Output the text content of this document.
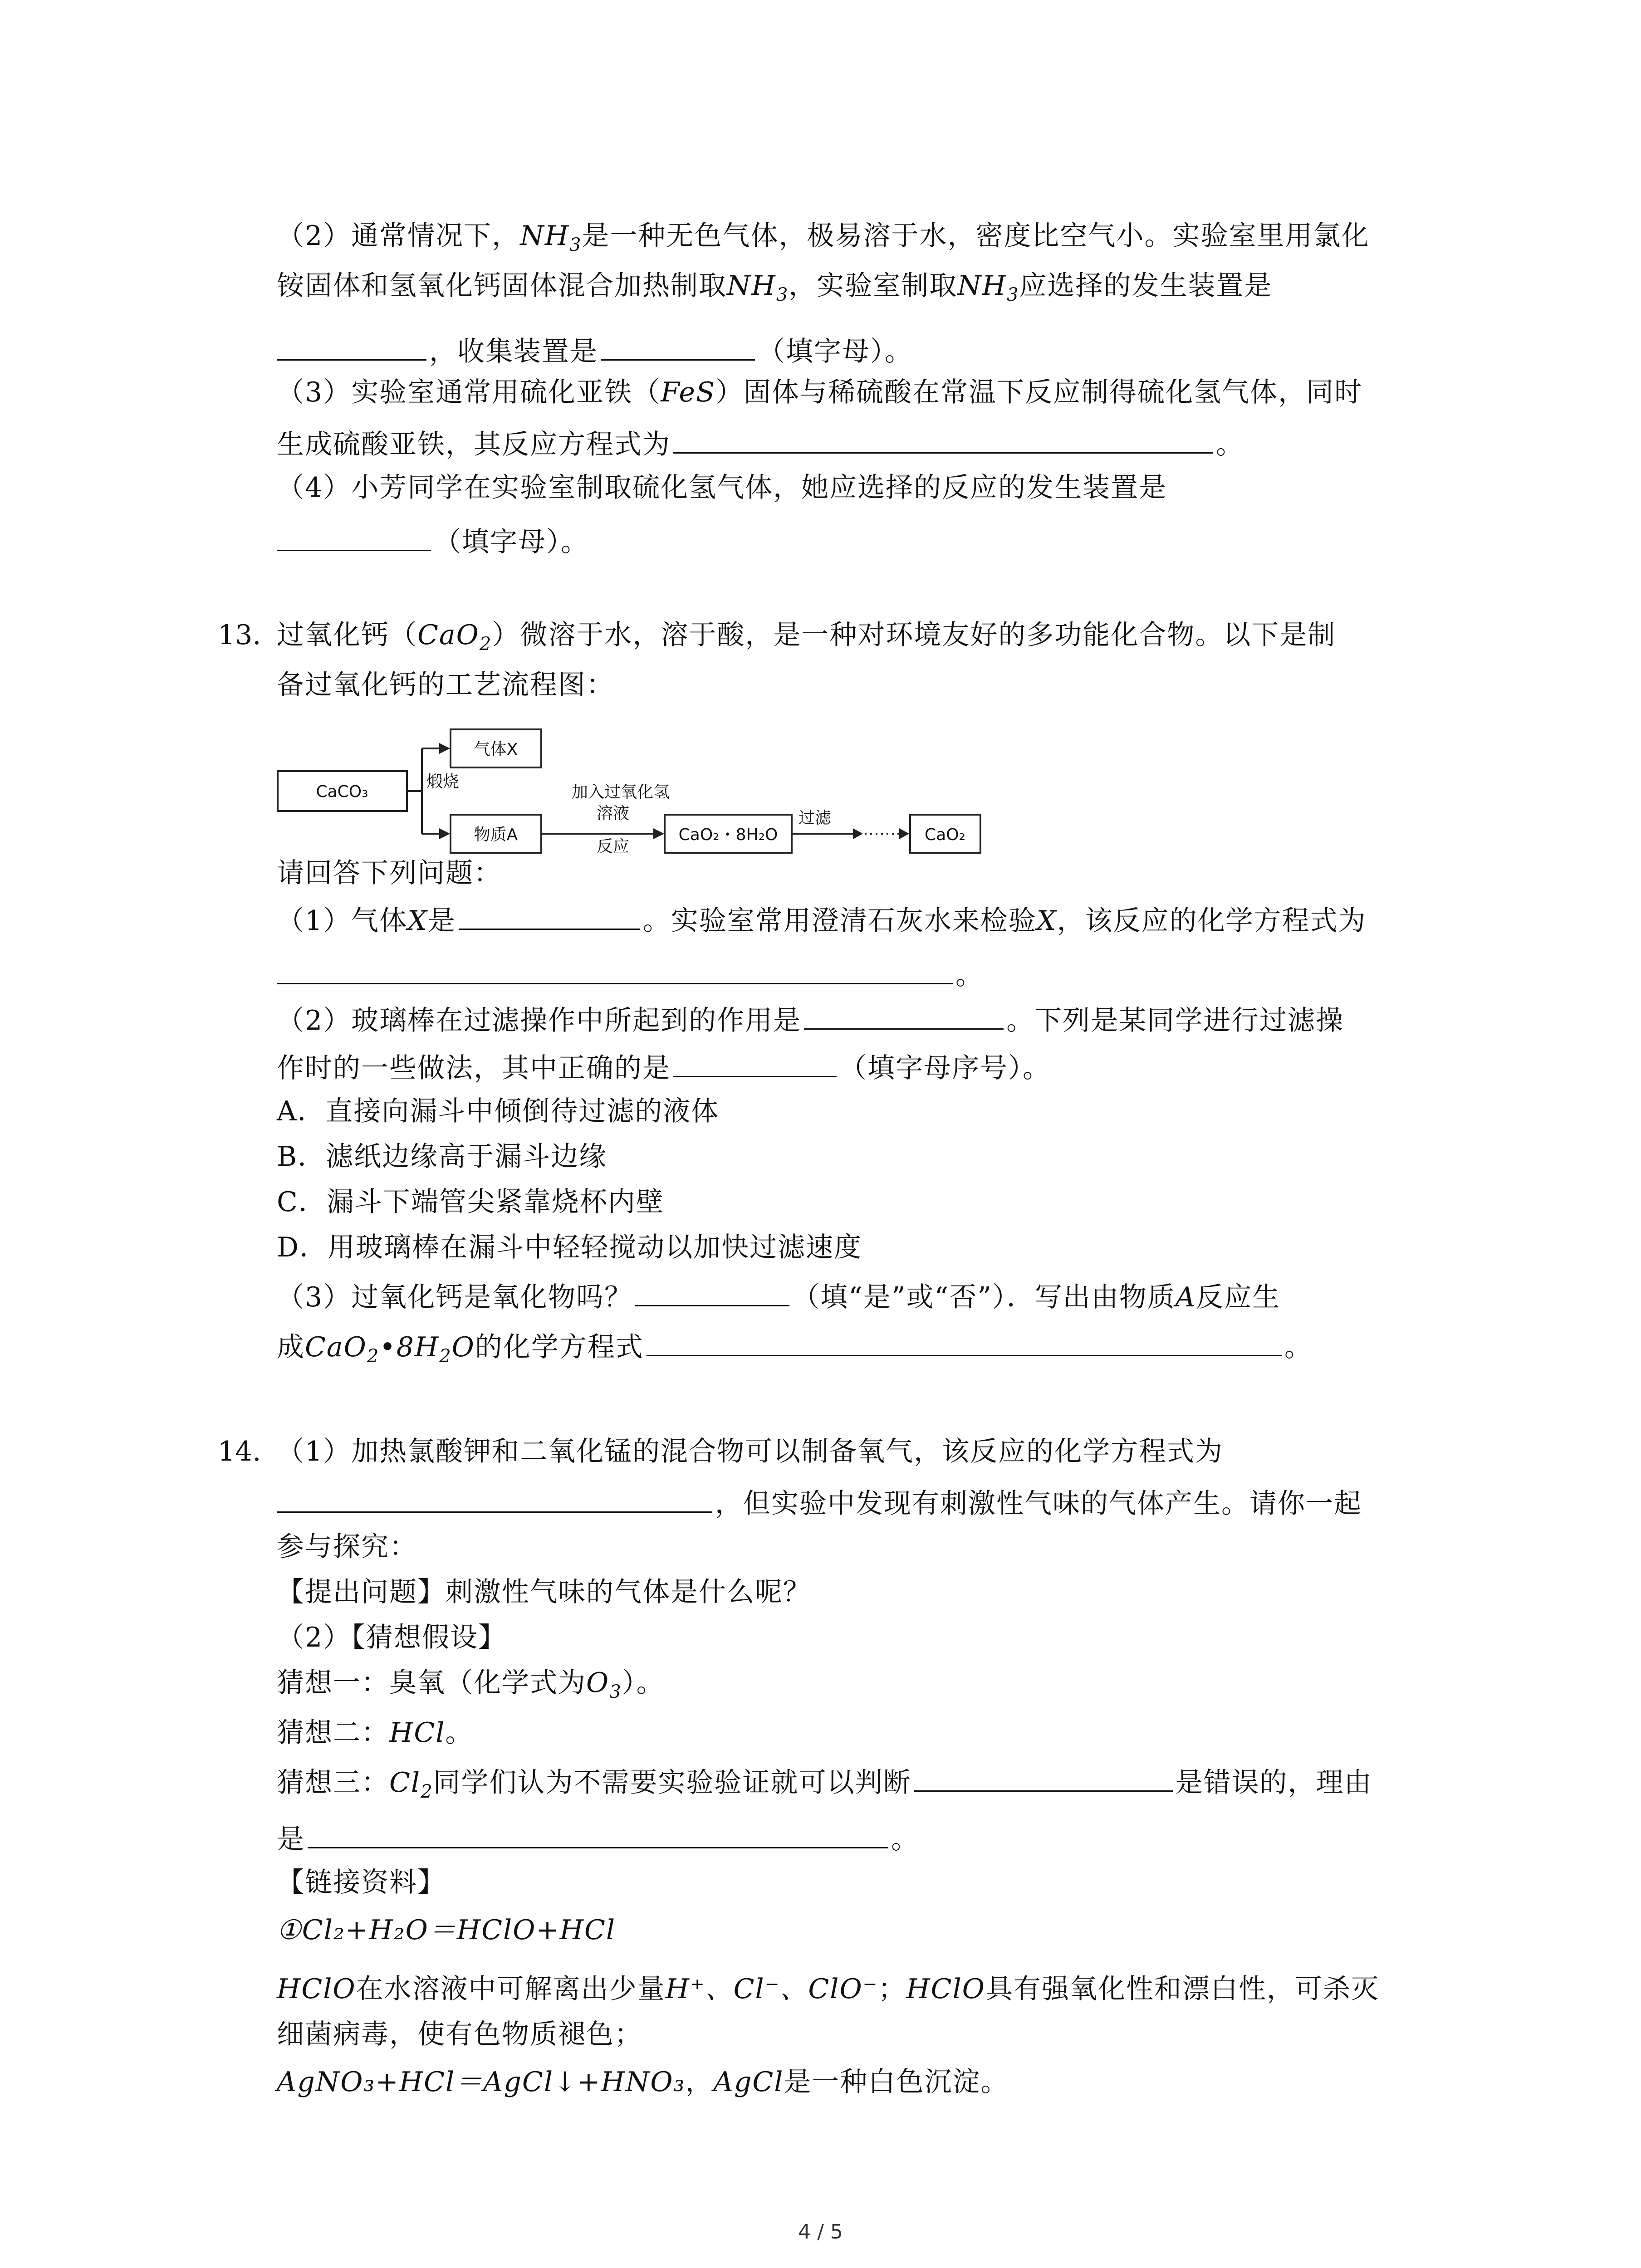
（2）通常情况下，$NH_3$是一种无色气体，极易溶于水，密度比空气小。实验室里用氯化
铵固体和氢氧化钙固体混合加热制取$NH_3$，实验室制取$NH_3$应选择的发生装置是
，收集装置是	（填字母）。
（3）实验室通常用硫化亚铁（FeS）固体与稀硫酸在常温下反应制得硫化氢气体，同时
生成硫酸亚铁，其反应方程式为	。
（4）小芳同学在实验室制取硫化氢气体，她应选择的反应的发生装置是
（填字母）。
13. 过氧化钙（CaO$_2$）微溶于水，溶于酸，是一种对环境友好的多功能化合物。以下是制
备过氧化钙的工艺流程图：
CaCO₃
煅烧
气体X
物质A
加入过氧化氢
溶液
反应
CaO₂・8H₂O
过滤
CaO₂
请回答下列问题：
（1）气体X是	。实验室常用澄清石灰水来检验X，该反应的化学方程式为
。
（2）玻璃棒在过滤操作中所起到的作用是	。下列是某同学进行过滤操
作时的一些做法，其中正确的是	（填字母序号）。
A．直接向漏斗中倾倒待过滤的液体
B．滤纸边缘高于漏斗边缘
C．漏斗下端管尖紧靠烧杯内壁
D．用玻璃棒在漏斗中轻轻搅动以加快过滤速度
（3）过氧化钙是氧化物吗？	（填“是”或“否”）．写出由物质A反应生
成$CaO_2•8H_2O$的化学方程式	。
14. （1）加热氯酸钾和二氧化锰的混合物可以制备氧气，该反应的化学方程式为
，但实验中发现有刺激性气味的气体产生。请你一起
参与探究：
【提出问题】刺激性气味的气体是什么呢？
（2）【猜想假设】
猜想一：臭氧（化学式为$O_3$）。
猜想二：HCl。
猜想三：$Cl_2$同学们认为不需要实验验证就可以判断	是错误的，理由
是	。
【链接资料】
①Cl₂+H₂O＝HClO+HCl
HClO在水溶液中可解离出少量H⁺、Cl⁻、ClO⁻；HClO具有强氧化性和漂白性，可杀灭
细菌病毒，使有色物质褪色；
AgNO₃+HCl＝AgCl↓+HNO₃，AgCl是一种白色沉淀。
4 / 5
